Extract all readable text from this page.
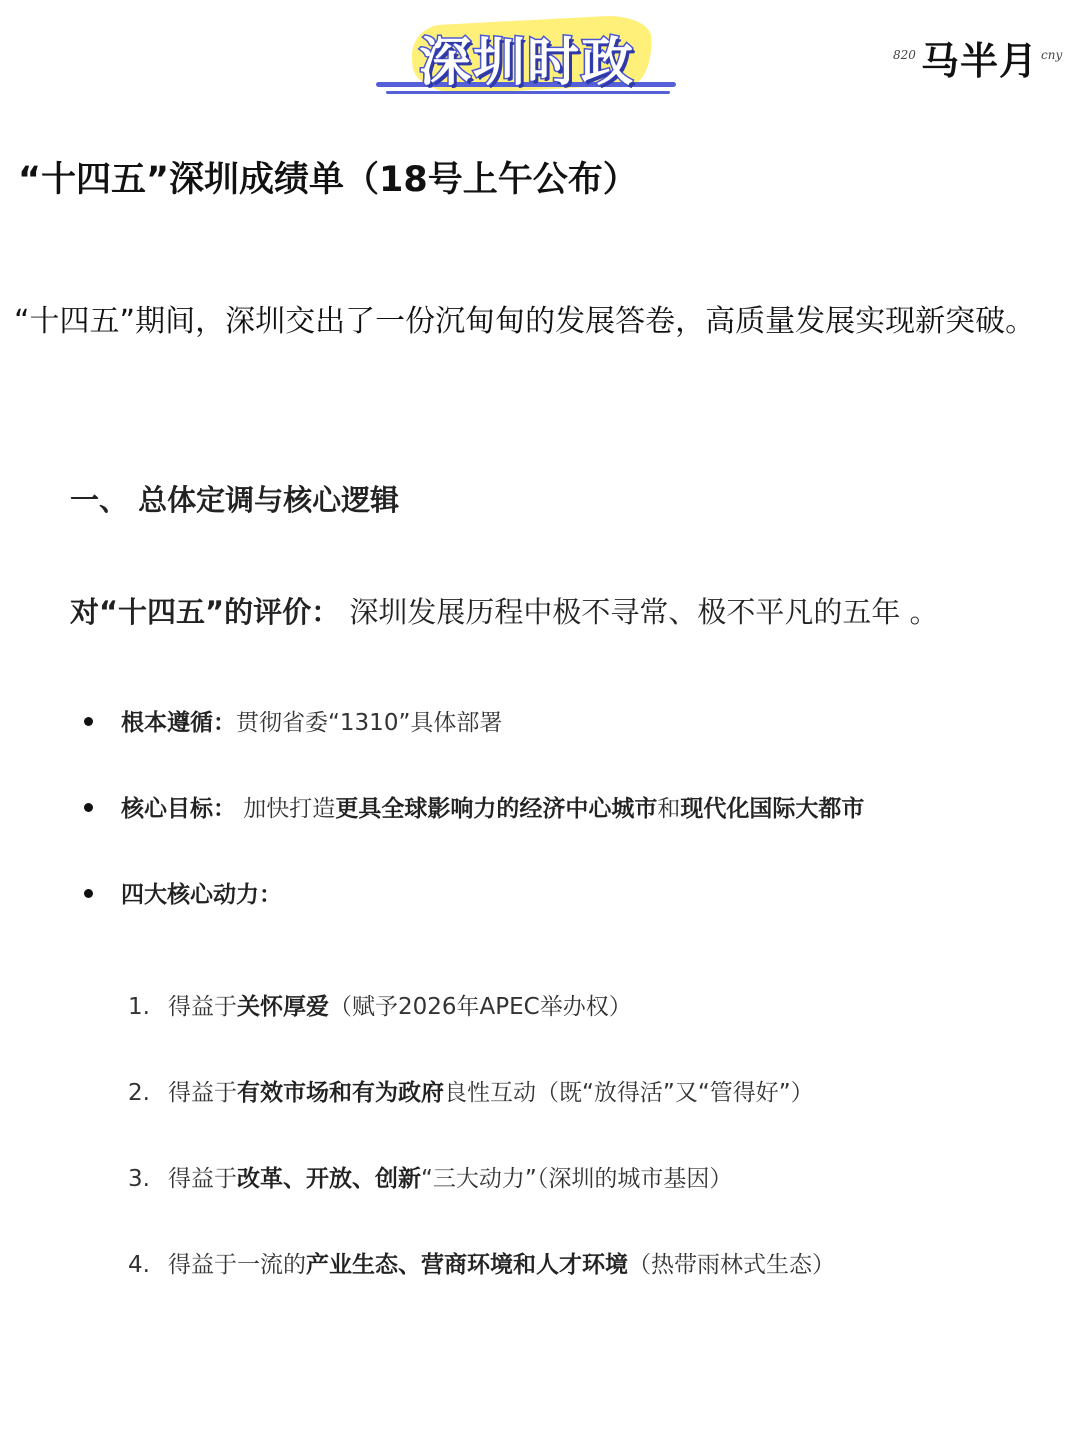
深圳时政	820 马半月 cny
“十四五”深圳成绩单（18号上午公布）
“十四五”期间，深圳交出了一份沉甸甸的发展答卷，高质量发展实现新突破。
一、 总体定调与核心逻辑
对“十四五”的评价： 深圳发展历程中极不寻常、极不平凡的五年 。
根本遵循：贯彻省委“1310”具体部署
核心目标： 加快打造更具全球影响力的经济中心城市和现代化国际大都市
四大核心动力：
1. 得益于关怀厚爱（赋予2026年APEC举办权）
2. 得益于有效市场和有为政府良性互动（既“放得活”又“管得好”）
3. 得益于改革、开放、创新“三大动力”（深圳的城市基因）
4. 得益于一流的产业生态、营商环境和人才环境（热带雨林式生态）
